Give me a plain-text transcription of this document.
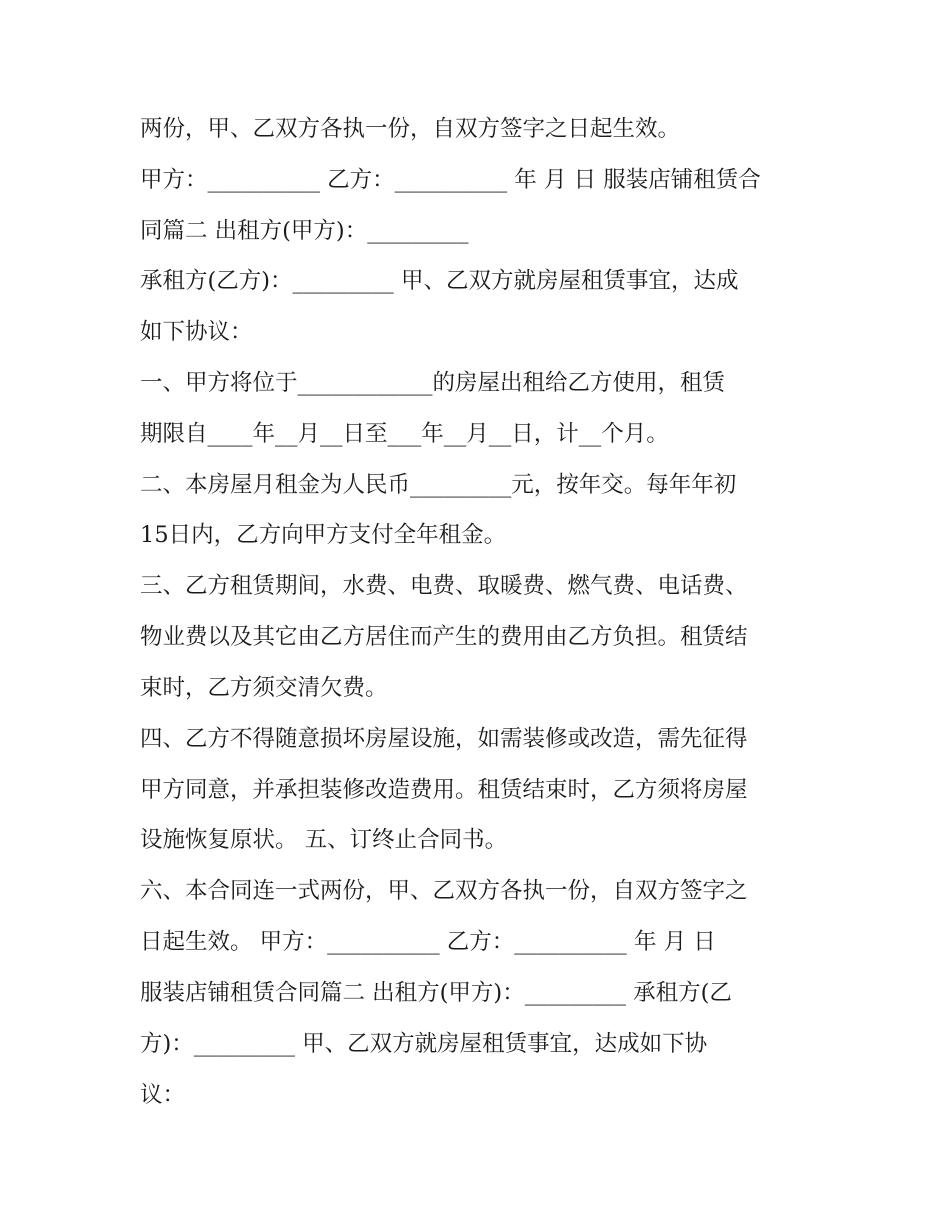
两份，甲、乙双方各执一份，自双方签字之日起生效。
甲方：__________ 乙方：__________ 年 月 日 服装店铺租赁合
同篇二 出租方(甲方)：_________
承租方(乙方)：_________ 甲、乙双方就房屋租赁事宜，达成
如下协议：
一、甲方将位于____________的房屋出租给乙方使用，租赁
期限自____年__月__日至___年__月__日，计__个月。
二、本房屋月租金为人民币_________元，按年交。每年年初
15日内，乙方向甲方支付全年租金。
三、乙方租赁期间，水费、电费、取暖费、燃气费、电话费、
物业费以及其它由乙方居住而产生的费用由乙方负担。租赁结
束时，乙方须交清欠费。
四、乙方不得随意损坏房屋设施，如需装修或改造，需先征得
甲方同意，并承担装修改造费用。租赁结束时，乙方须将房屋
设施恢复原状。 五、订终止合同书。
六、本合同连一式两份，甲、乙双方各执一份，自双方签字之
日起生效。 甲方：__________ 乙方：__________ 年 月 日
服装店铺租赁合同篇二 出租方(甲方)：_________ 承租方(乙
方)：_________ 甲、乙双方就房屋租赁事宜，达成如下协
议：
